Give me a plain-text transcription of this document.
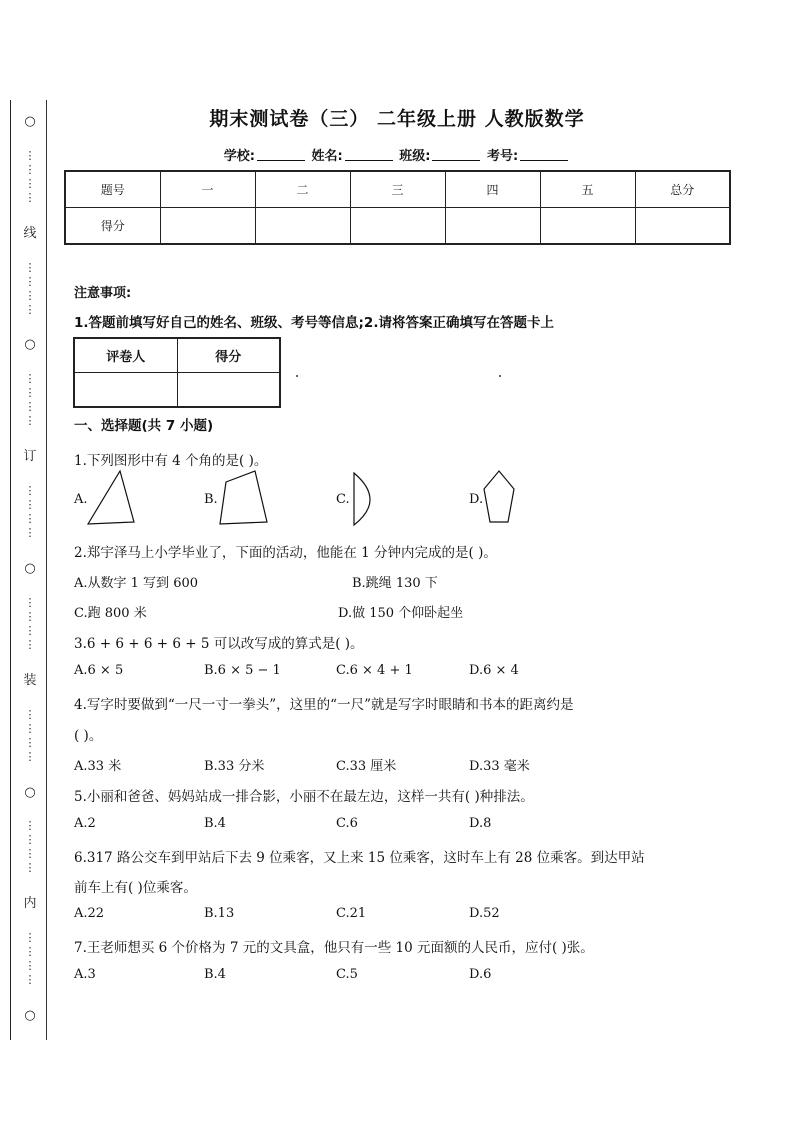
○
⋮
⋮
⋮
⋮
线
⋮
⋮
⋮
⋮
○
⋮
⋮
⋮
⋮
订
⋮
⋮
⋮
⋮
○
⋮
⋮
⋮
⋮
装
⋮
⋮
⋮
⋮
○
⋮
⋮
⋮
⋮
内
⋮
⋮
⋮
⋮
○
期末测试卷（三） 二年级上册 人教版数学
学校:	姓名:	班级:	考号:
题号	一	二	三	四	五	总分
得分						
注意事项:
1.答题前填写好自己的姓名、班级、考号等信息;2.请将答案正确填写在答题卡上
评卷人	得分

一、选择题(共 7 小题)
1.下列图形中有 4 个角的是( )。
A.	B.	C.	D.
2.郑宇泽马上小学毕业了，下面的活动，他能在 1 分钟内完成的是( )。
A.从数字 1 写到 600	B.跳绳 130 下
C.跑 800 米	D.做 150 个仰卧起坐
3.6 + 6 + 6 + 6 + 5 可以改写成的算式是( )。
A.6 × 5	B.6 × 5 − 1	C.6 × 4 + 1	D.6 × 4
4.写字时要做到“一尺一寸一拳头”，这里的“一尺”就是写字时眼睛和书本的距离约是
( )。
A.33 米	B.33 分米	C.33 厘米	D.33 毫米
5.小丽和爸爸、妈妈站成一排合影，小丽不在最左边，这样一共有( )种排法。
A.2	B.4	C.6	D.8
6.317 路公交车到甲站后下去 9 位乘客，又上来 15 位乘客，这时车上有 28 位乘客。到达甲站
前车上有( )位乘客。
A.22	B.13	C.21	D.52
7.王老师想买 6 个价格为 7 元的文具盒，他只有一些 10 元面额的人民币，应付( )张。
A.3	B.4	C.5	D.6
